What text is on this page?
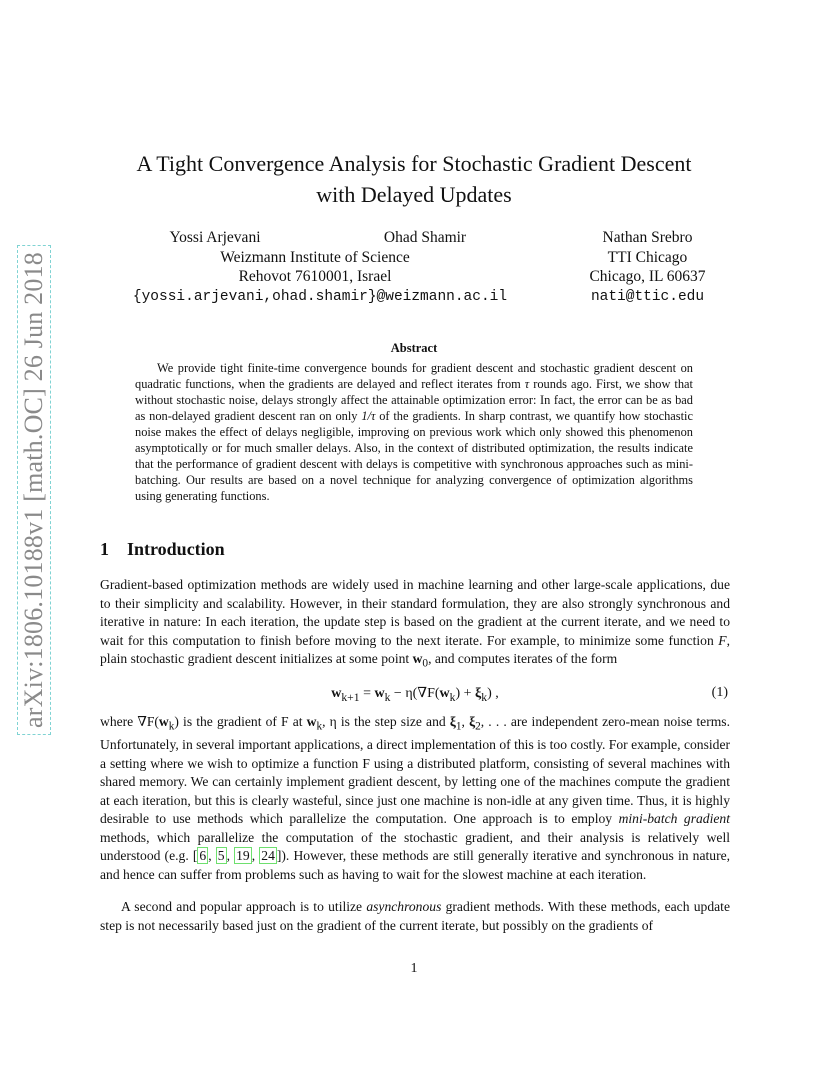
arXiv:1806.10188v1 [math.OC] 26 Jun 2018
A Tight Convergence Analysis for Stochastic Gradient Descent
with Delayed Updates
Yossi Arjevani	Ohad Shamir
Weizmann Institute of Science
Rehovot 7610001, Israel
{yossi.arjevani,ohad.shamir}@weizmann.ac.il
Nathan Srebro
TTI Chicago
Chicago, IL 60637
nati@ttic.edu
Abstract
We provide tight finite-time convergence bounds for gradient descent and stochastic gradient descent on quadratic functions, when the gradients are delayed and reflect iterates from τ rounds ago. First, we show that without stochastic noise, delays strongly affect the attainable optimization error: In fact, the error can be as bad as non-delayed gradient descent ran on only 1/τ of the gradients. In sharp contrast, we quantify how stochastic noise makes the effect of delays negligible, improving on previous work which only showed this phenomenon asymptotically or for much smaller delays. Also, in the context of distributed optimization, the results indicate that the performance of gradient descent with delays is competitive with synchronous approaches such as mini-batching. Our results are based on a novel technique for analyzing convergence of optimization algorithms using generating functions.
1 Introduction
Gradient-based optimization methods are widely used in machine learning and other large-scale applications, due to their simplicity and scalability. However, in their standard formulation, they are also strongly synchronous and iterative in nature: In each iteration, the update step is based on the gradient at the current iterate, and we need to wait for this computation to finish before moving to the next iterate. For example, to minimize some function F, plain stochastic gradient descent initializes at some point $w_0$, and computes iterates of the form
$w_{k+1} = w_k - \eta(\nabla F(w_k) + \xi_k)$ ,	(1)
where $\nabla F(w_k)$ is the gradient of F at $w_k$, η is the step size and $\xi_1$, $\xi_2$, . . . are independent zero-mean noise terms. Unfortunately, in several important applications, a direct implementation of this is too costly. For example, consider a setting where we wish to optimize a function F using a distributed platform, consisting of several machines with shared memory. We can certainly implement gradient descent, by letting one of the machines compute the gradient at each iteration, but this is clearly wasteful, since just one machine is non-idle at any given time. Thus, it is highly desirable to use methods which parallelize the computation. One approach is to employ mini-batch gradient methods, which parallelize the computation of the stochastic gradient, and their analysis is relatively well understood (e.g. [ 6 , 5 , 19 , 24 ]). However, these methods are still generally iterative and synchronous in nature, and hence can suffer from problems such as having to wait for the slowest machine at each iteration.
A second and popular approach is to utilize asynchronous gradient methods. With these methods, each update step is not necessarily based just on the gradient of the current iterate, but possibly on the gradients of
1
